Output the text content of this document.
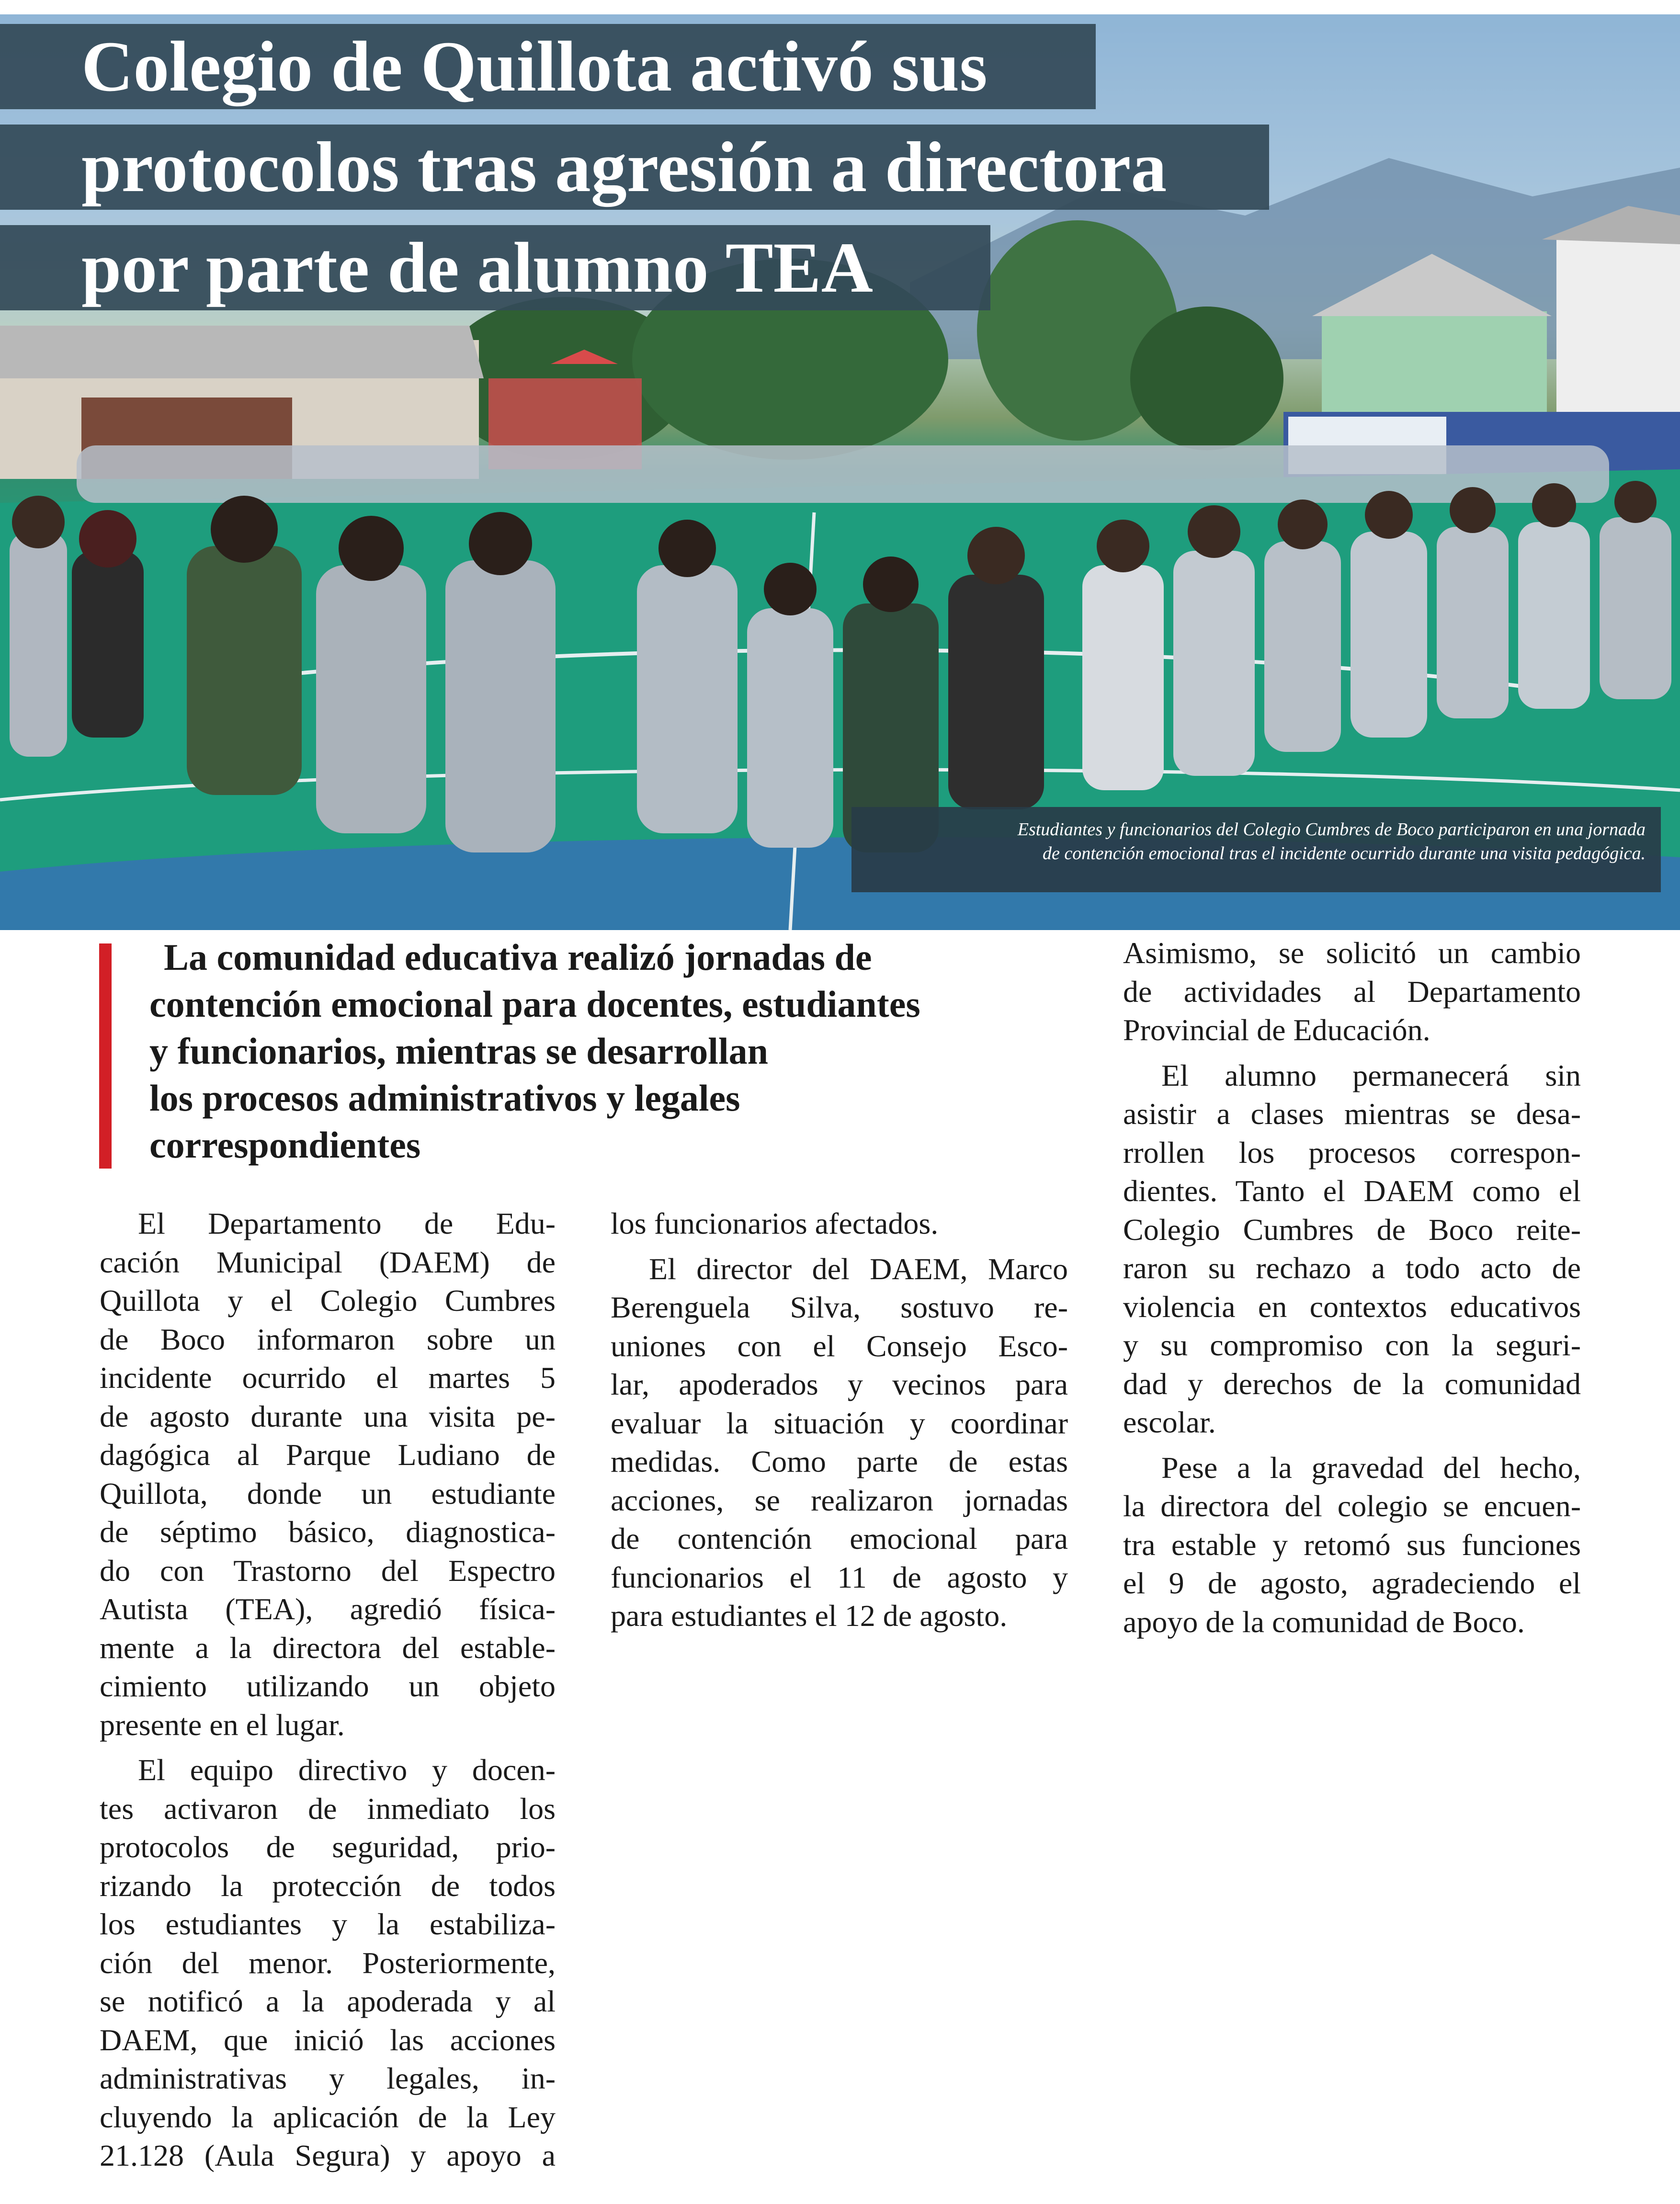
Colegio de Quillota activó sus
protocolos tras agresión a directora
por parte de alumno TEA
Estudiantes y funcionarios del Colegio Cumbres de Boco participaron en una jornada
de contención emocional tras el incidente ocurrido durante una visita pedagógica.
La comunidad educativa realizó jornadas de
contención emocional para docentes, estudiantes
y funcionarios, mientras se desarrollan
los procesos administrativos y legales
correspondientes

El Departamento de Edu-
cación Municipal (DAEM) de
Quillota y el Colegio Cumbres
de Boco informaron sobre un
incidente ocurrido el martes 5
de agosto durante una visita pe-
dagógica al Parque Ludiano de
Quillota, donde un estudiante
de séptimo básico, diagnostica-
do con Trastorno del Espectro
Autista (TEA), agredió física-
mente a la directora del estable-
cimiento utilizando un objeto
presente en el lugar.

El equipo directivo y docen-
tes activaron de inmediato los
protocolos de seguridad, prio-
rizando la protección de todos
los estudiantes y la estabiliza-
ción del menor. Posteriormente,
se notificó a la apoderada y al
DAEM, que inició las acciones
administrativas y legales, in-
cluyendo la aplicación de la Ley
21.128 (Aula Segura) y apoyo a

los funcionarios afectados.

El director del DAEM, Marco
Berenguela Silva, sostuvo re-
uniones con el Consejo Esco-
lar, apoderados y vecinos para
evaluar la situación y coordinar
medidas. Como parte de estas
acciones, se realizaron jornadas
de contención emocional para
funcionarios el 11 de agosto y
para estudiantes el 12 de agosto.

Asimismo, se solicitó un cambio
de actividades al Departamento
Provincial de Educación.

El alumno permanecerá sin
asistir a clases mientras se desa-
rrollen los procesos correspon-
dientes. Tanto el DAEM como el
Colegio Cumbres de Boco reite-
raron su rechazo a todo acto de
violencia en contextos educativos
y su compromiso con la seguri-
dad y derechos de la comunidad
escolar.

Pese a la gravedad del hecho,
la directora del colegio se encuen-
tra estable y retomó sus funciones
el 9 de agosto, agradeciendo el
apoyo de la comunidad de Boco.
